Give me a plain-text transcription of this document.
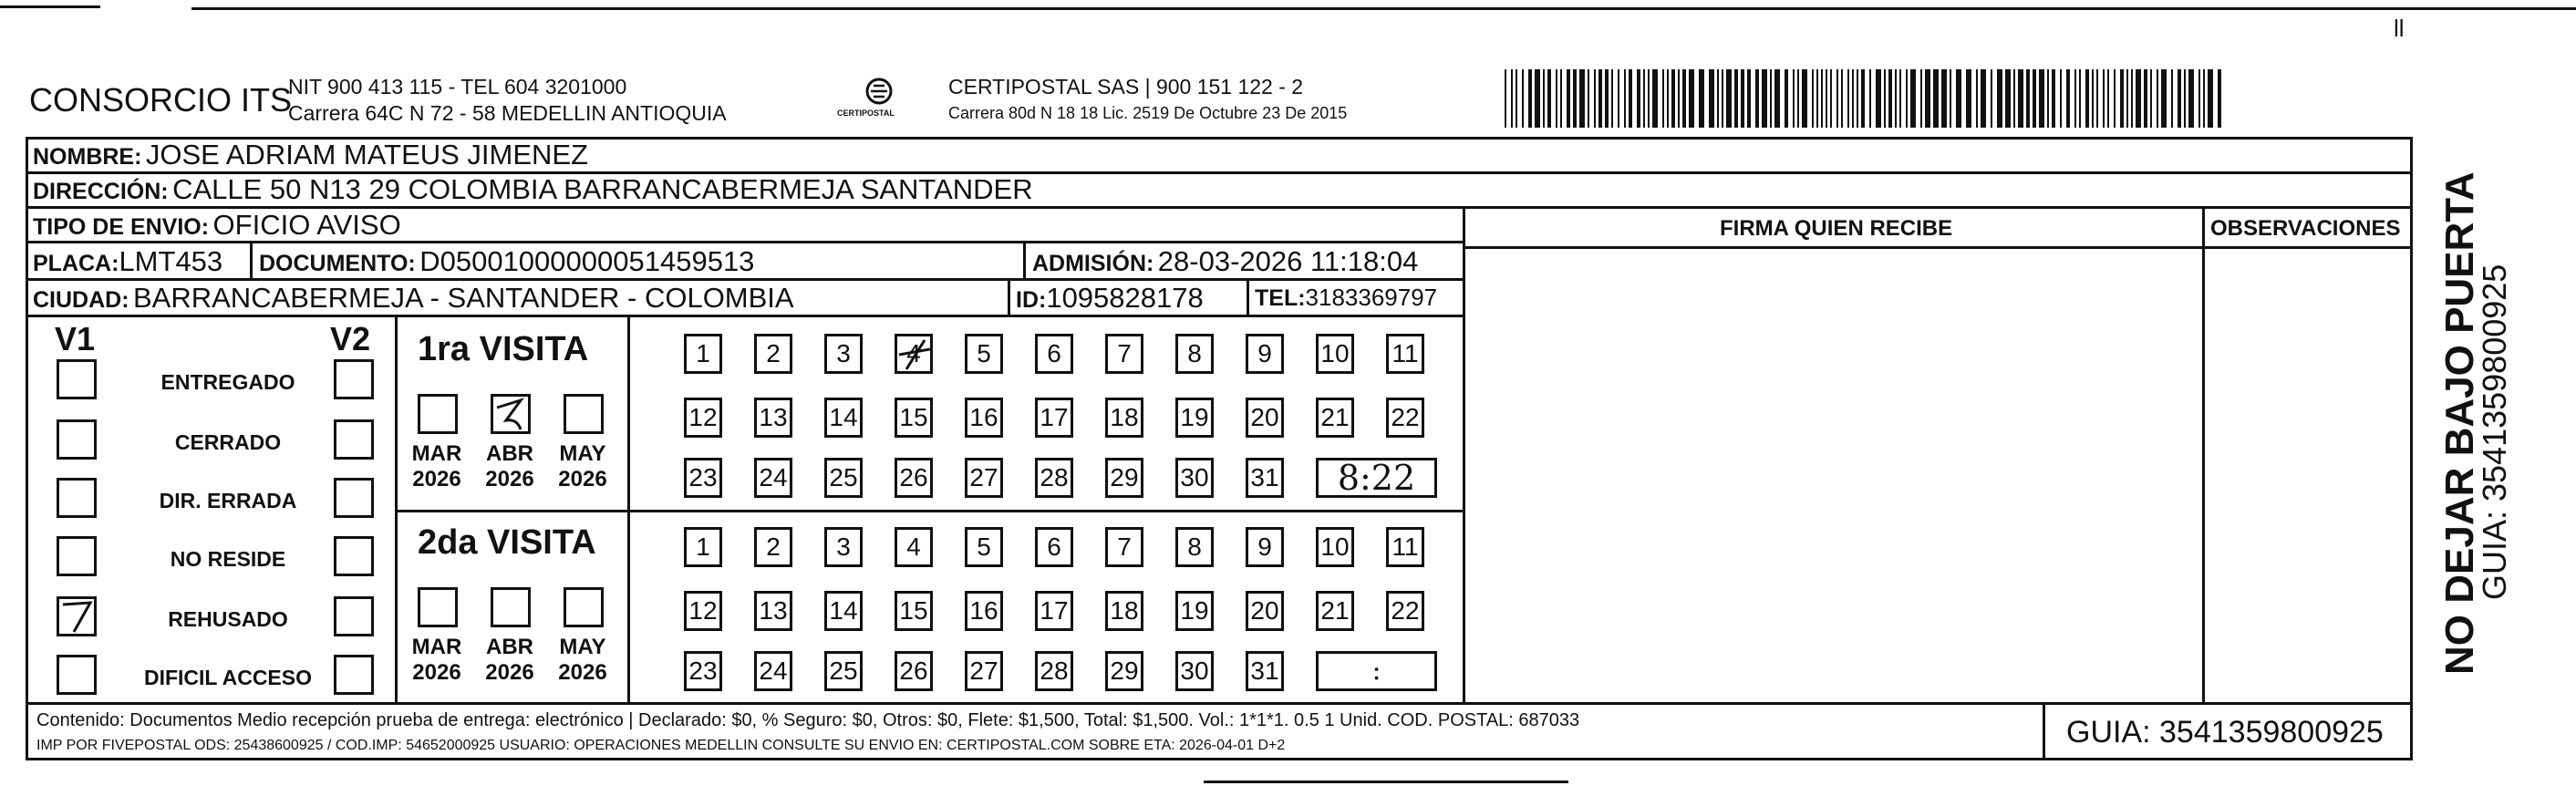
ll
CONSORCIO ITS
NIT 900 413 115 - TEL 604 3201000
Carrera 64C N 72 - 58 MEDELLIN ANTIOQUIA	CERTIPOSTAL
CERTIPOSTAL SAS | 900 151 122 - 2
Carrera 80d N 18 18 Lic. 2519 De Octubre 23 De 2015
NOMBRE: JOSE ADRIAM MATEUS JIMENEZ
DIRECCIÓN: CALLE 50 N13 29 COLOMBIA BARRANCABERMEJA SANTANDER
TIPO DE ENVIO: OFICIO AVISO
PLACA:LMT453 DOCUMENTO: D05001000000051459513	ADMISIÓN: 28-03-2026 11:18:04
CIUDAD: BARRANCABERMEJA - SANTANDER - COLOMBIA	ID:1095828178 TEL:3183369797
FIRMA QUIEN RECIBE	OBSERVACIONES
V1	V2
ENTREGADO
CERRADO
DIR. ERRADA
NO RESIDE
REHUSADO
DIFICIL ACCESO
1ra VISITA
MAR
2026
ABR
2026
MAY
2026
1	2	3	4	5	6	7	8	9	10 11
12 13 14 15 16 17 18 19 20 21 22
23 24 25 26 27 28 29 30 31	8:22
2da VISITA
MAR
2026
ABR
2026
MAY
2026
1	2	3	4	5	6	7	8	9	10 11
12 13 14 15 16 17 18 19 20 21 22
23 24 25 26 27 28 29 30 31	:
Contenido: Documentos Medio recepción prueba de entrega: electrónico | Declarado: $0, % Seguro: $0, Otros: $0, Flete: $1,500, Total: $1,500. Vol.: 1*1*1. 0.5 1 Unid. COD. POSTAL: 687033
IMP POR FIVEPOSTAL ODS: 25438600925 / COD.IMP: 54652000925 USUARIO: OPERACIONES MEDELLIN CONSULTE SU ENVIO EN: CERTIPOSTAL.COM SOBRE ETA: 2026-04-01 D+2	GUIA: 3541359800925
NO DEJAR BAJO PUERTA
GUIA: 3541359800925
